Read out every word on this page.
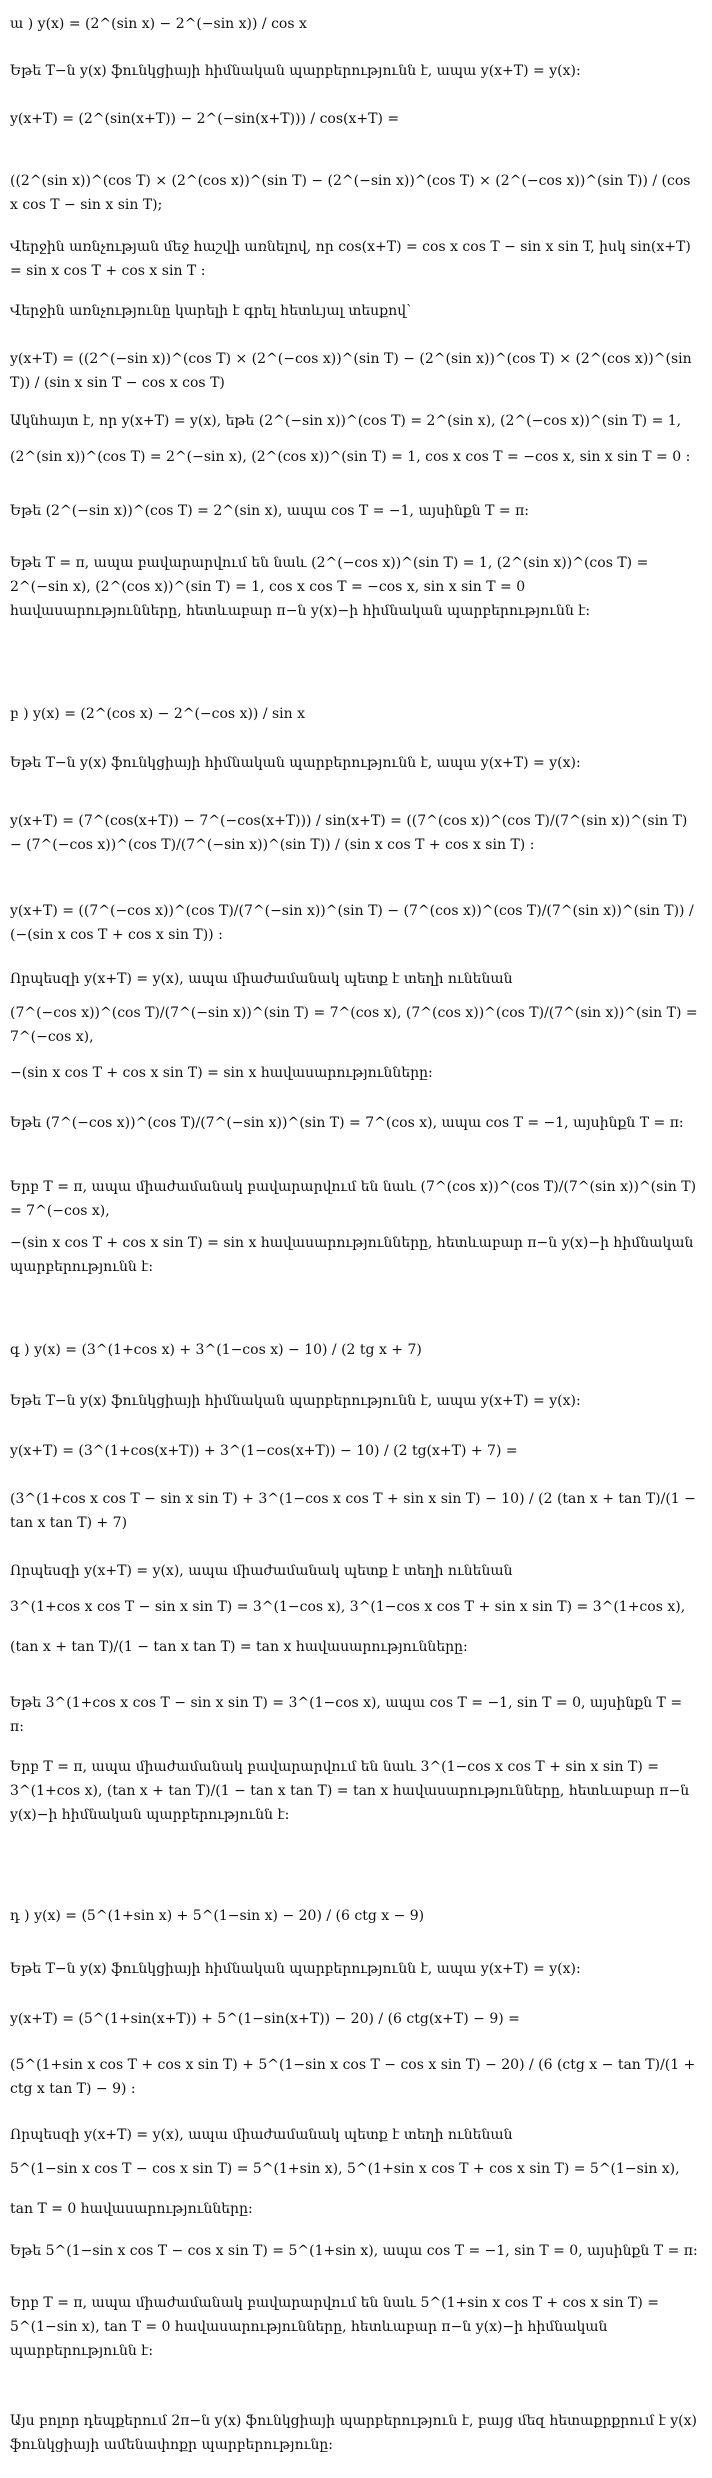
ա ) y(x) = (2^(sin x) − 2^(−sin x)) / cos x
Եթե T−ն y(x) ֆունկցիայի հիմնական պարբերությունն է, ապա y(x+T) = y(x):
y(x+T) = (2^(sin(x+T)) − 2^(−sin(x+T))) / cos(x+T) =
((2^(sin x))^(cos T) × (2^(cos x))^(sin T) − (2^(−sin x))^(cos T) × (2^(−cos x))^(sin T)) / (cos x cos T − sin x sin T);
Վերջին առնչության մեջ հաշվի առնելով, որ cos(x+T) = cos x cos T − sin x sin T, իսկ sin(x+T) = sin x cos T + cos x sin T :
Վերջին առնչությունը կարելի է գրել հետևյալ տեսքով՝
y(x+T) = ((2^(−sin x))^(cos T) × (2^(−cos x))^(sin T) − (2^(sin x))^(cos T) × (2^(cos x))^(sin T)) / (sin x sin T − cos x cos T)
Ակնհայտ է, որ y(x+T) = y(x), եթե (2^(−sin x))^(cos T) = 2^(sin x), (2^(−cos x))^(sin T) = 1,
(2^(sin x))^(cos T) = 2^(−sin x), (2^(cos x))^(sin T) = 1, cos x cos T = −cos x, sin x sin T = 0 :
Եթե (2^(−sin x))^(cos T) = 2^(sin x), ապա cos T = −1, այսինքն T = π:
Եթե T = π, ապա բավարարվում են նաև (2^(−cos x))^(sin T) = 1, (2^(sin x))^(cos T) = 2^(−sin x), (2^(cos x))^(sin T) = 1, cos x cos T = −cos x, sin x sin T = 0 հավասարությունները, հետևաբար π−ն y(x)−ի հիմնական պարբերությունն է:
բ ) y(x) = (2^(cos x) − 2^(−cos x)) / sin x
Եթե T−ն y(x) ֆունկցիայի հիմնական պարբերությունն է, ապա y(x+T) = y(x):
y(x+T) = (7^(cos(x+T)) − 7^(−cos(x+T))) / sin(x+T) = ((7^(cos x))^(cos T)/(7^(sin x))^(sin T) − (7^(−cos x))^(cos T)/(7^(−sin x))^(sin T)) / (sin x cos T + cos x sin T) :
y(x+T) = ((7^(−cos x))^(cos T)/(7^(−sin x))^(sin T) − (7^(cos x))^(cos T)/(7^(sin x))^(sin T)) / (−(sin x cos T + cos x sin T)) :
Որպեսզի y(x+T) = y(x), ապա միաժամանակ պետք է տեղի ունենան
(7^(−cos x))^(cos T)/(7^(−sin x))^(sin T) = 7^(cos x), (7^(cos x))^(cos T)/(7^(sin x))^(sin T) = 7^(−cos x),
−(sin x cos T + cos x sin T) = sin x հավասարությունները:
Եթե (7^(−cos x))^(cos T)/(7^(−sin x))^(sin T) = 7^(cos x), ապա cos T = −1, այսինքն T = π:
Երբ T = π, ապա միաժամանակ բավարարվում են նաև (7^(cos x))^(cos T)/(7^(sin x))^(sin T) = 7^(−cos x),
−(sin x cos T + cos x sin T) = sin x հավասարությունները, հետևաբար π−ն y(x)−ի հիմնական պարբերությունն է:
գ ) y(x) = (3^(1+cos x) + 3^(1−cos x) − 10) / (2 tg x + 7)
Եթե T−ն y(x) ֆունկցիայի հիմնական պարբերությունն է, ապա y(x+T) = y(x):
y(x+T) = (3^(1+cos(x+T)) + 3^(1−cos(x+T)) − 10) / (2 tg(x+T) + 7) =
(3^(1+cos x cos T − sin x sin T) + 3^(1−cos x cos T + sin x sin T) − 10) / (2 (tan x + tan T)/(1 − tan x tan T) + 7)
Որպեսզի y(x+T) = y(x), ապա միաժամանակ պետք է տեղի ունենան
3^(1+cos x cos T − sin x sin T) = 3^(1−cos x), 3^(1−cos x cos T + sin x sin T) = 3^(1+cos x),
(tan x + tan T)/(1 − tan x tan T) = tan x հավասարությունները:
Եթե 3^(1+cos x cos T − sin x sin T) = 3^(1−cos x), ապա cos T = −1, sin T = 0, այսինքն T = π:
Երբ T = π, ապա միաժամանակ բավարարվում են նաև 3^(1−cos x cos T + sin x sin T) = 3^(1+cos x), (tan x + tan T)/(1 − tan x tan T) = tan x հավասարությունները, հետևաբար π−ն y(x)−ի հիմնական պարբերությունն է:
դ ) y(x) = (5^(1+sin x) + 5^(1−sin x) − 20) / (6 ctg x − 9)
Եթե T−ն y(x) ֆունկցիայի հիմնական պարբերությունն է, ապա y(x+T) = y(x):
y(x+T) = (5^(1+sin(x+T)) + 5^(1−sin(x+T)) − 20) / (6 ctg(x+T) − 9) =
(5^(1+sin x cos T + cos x sin T) + 5^(1−sin x cos T − cos x sin T) − 20) / (6 (ctg x − tan T)/(1 + ctg x tan T) − 9) :
Որպեսզի y(x+T) = y(x), ապա միաժամանակ պետք է տեղի ունենան
5^(1−sin x cos T − cos x sin T) = 5^(1+sin x), 5^(1+sin x cos T + cos x sin T) = 5^(1−sin x),
tan T = 0 հավասարությունները:
Եթե 5^(1−sin x cos T − cos x sin T) = 5^(1+sin x), ապա cos T = −1, sin T = 0, այսինքն T = π:
Երբ T = π, ապա միաժամանակ բավարարվում են նաև 5^(1+sin x cos T + cos x sin T) = 5^(1−sin x), tan T = 0 հավասարությունները, հետևաբար π−ն y(x)−ի հիմնական պարբերությունն է:
Այս բոլոր դեպքերում 2π−ն y(x) ֆունկցիայի պարբերություն է, բայց մեզ հետաքրքրում է y(x) ֆունկցիայի ամենափոքր պարբերությունը:
